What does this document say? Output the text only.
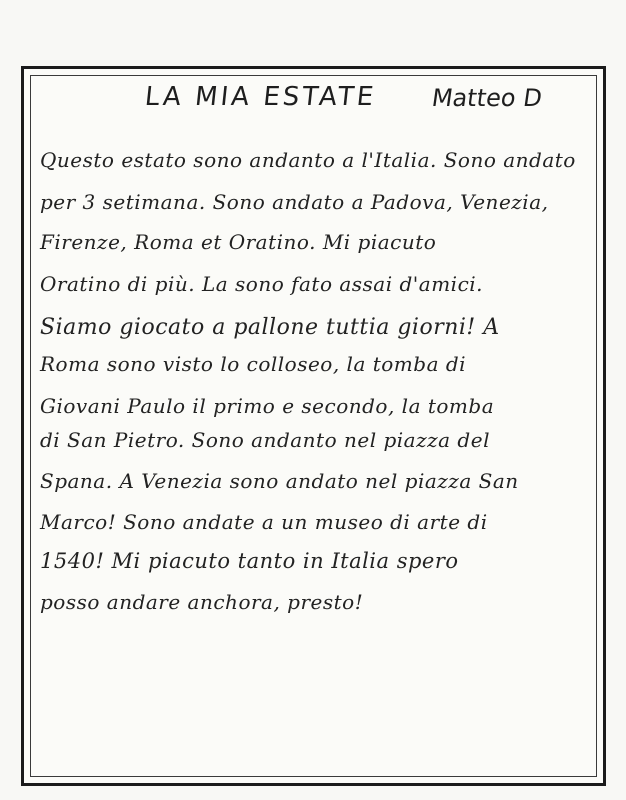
LA MIA ESTATE Matteo D
Questo estato sono andanto a l'Italia. Sono andato
per 3 setimana. Sono andato a Padova, Venezia,
Firenze, Roma et Oratino. Mi piacuto
Oratino di più. La sono fato assai d'amici.
Siamo giocato a pallone tuttia giorni! A
Roma sono visto lo colloseo, la tomba di
Giovani Paulo il primo e secondo, la tomba
di San Pietro. Sono andanto nel piazza del
Spana. A Venezia sono andato nel piazza San
Marco! Sono andate a un museo di arte di
1540! Mi piacuto tanto in Italia spero
posso andare anchora, presto!
